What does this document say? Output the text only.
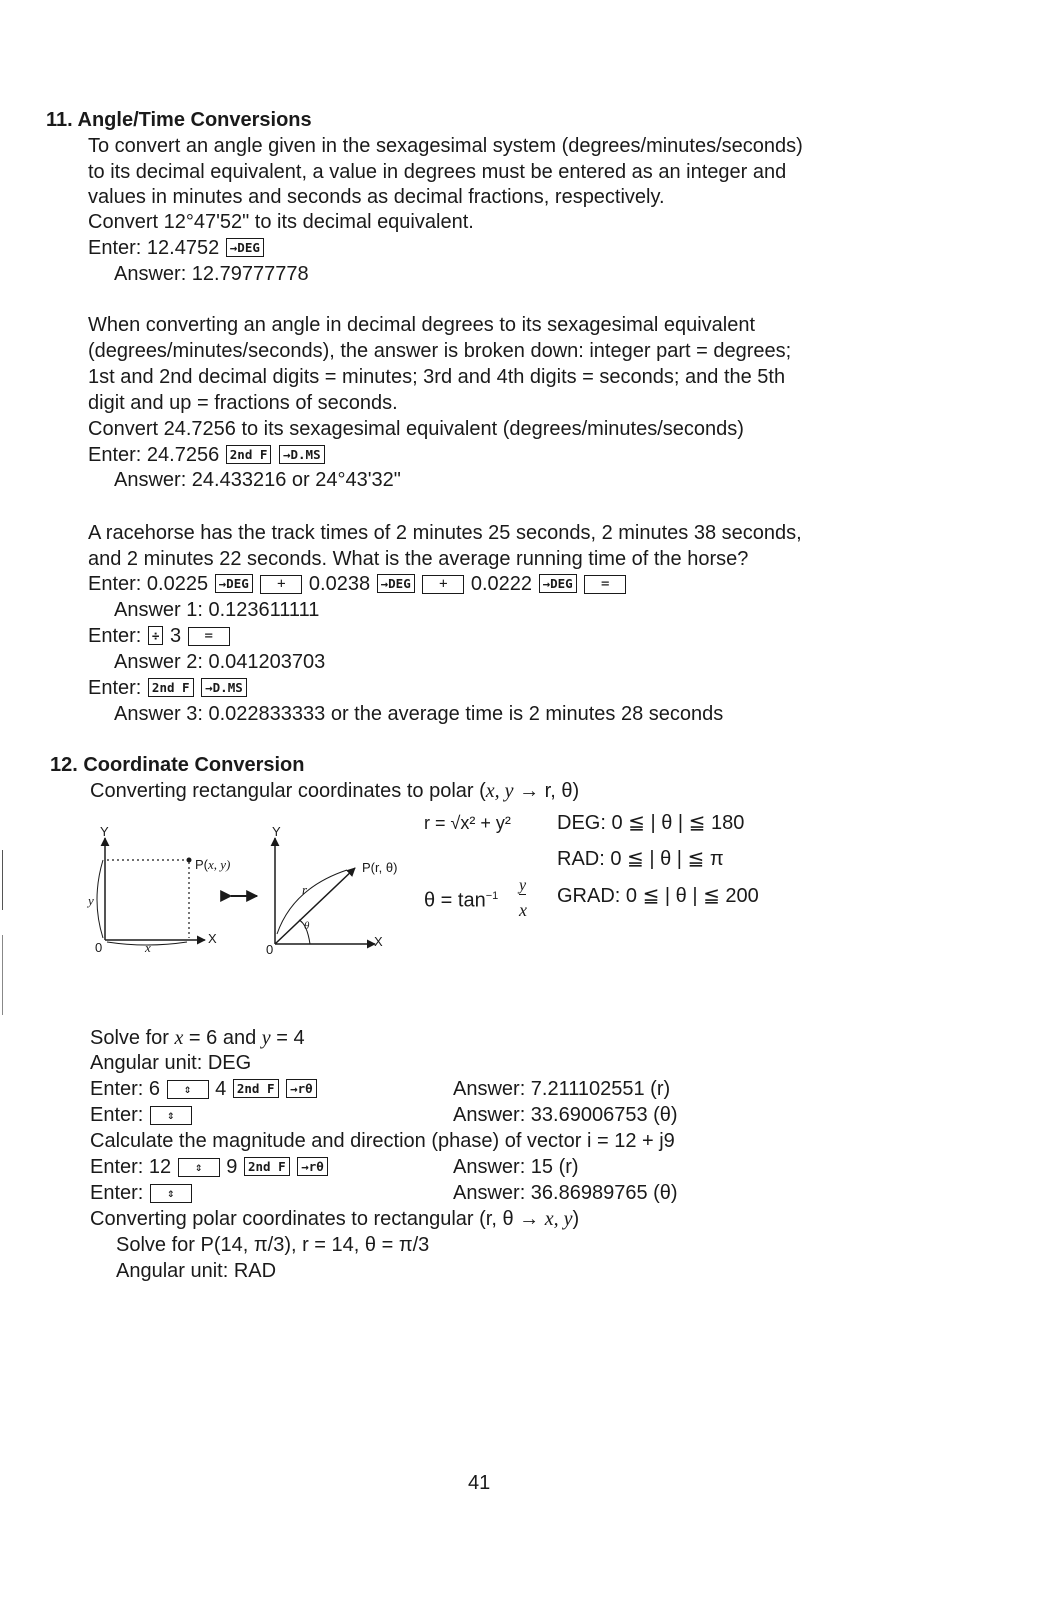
11. Angle/Time Conversions
To convert an angle given in the sexagesimal system (degrees/minutes/seconds)
to its decimal equivalent, a value in degrees must be entered as an integer and
values in minutes and seconds as decimal fractions, respectively.
Convert 12°47'52" to its decimal equivalent.
Enter: 12.4752 →DEG
Answer: 12.79777778
When converting an angle in decimal degrees to its sexagesimal equivalent
(degrees/minutes/seconds), the answer is broken down: integer part = degrees;
1st and 2nd decimal digits = minutes; 3rd and 4th digits = seconds; and the 5th
digit and up = fractions of seconds.
Convert 24.7256 to its sexagesimal equivalent (degrees/minutes/seconds)
Enter: 24.7256 2nd F →D.MS
Answer: 24.433216 or 24°43'32"
A racehorse has the track times of 2 minutes 25 seconds, 2 minutes 38 seconds,
and 2 minutes 22 seconds. What is the average running time of the horse?
Enter: 0.0225 →DEG + 0.0238 →DEG + 0.0222 →DEG =
Answer 1: 0.123611111
Enter: ÷ 3 =
Answer 2: 0.041203703
Enter: 2nd F →D.MS
Answer 3: 0.022833333 or the average time is 2 minutes 28 seconds
12. Coordinate Conversion
Converting rectangular coordinates to polar (x, y → r, θ)
Y
P(x, y)
y
0	x
X
Y
P(r, θ)
r
θ
0
X
r = √x² + y²
$\theta = \tan^{-1}$
y
x
DEG: 0 ≦ | θ | ≦ 180
RAD: 0 ≦ | θ | ≦ π
GRAD: 0 ≦ | θ | ≦ 200
Solve for x = 6 and y = 4
Angular unit: DEG
Enter: 6 ⇕ 4 2nd F →rθ	Answer: 7.211102551 (r)
Enter: ⇕	Answer: 33.69006753 (θ)
Calculate the magnitude and direction (phase) of vector i = 12 + j9
Enter: 12 ⇕ 9 2nd F →rθ	Answer: 15 (r)
Enter: ⇕	Answer: 36.86989765 (θ)
Converting polar coordinates to rectangular (r, θ → x, y)
Solve for P(14, π/3), r = 14, θ = π/3
Angular unit: RAD
41
